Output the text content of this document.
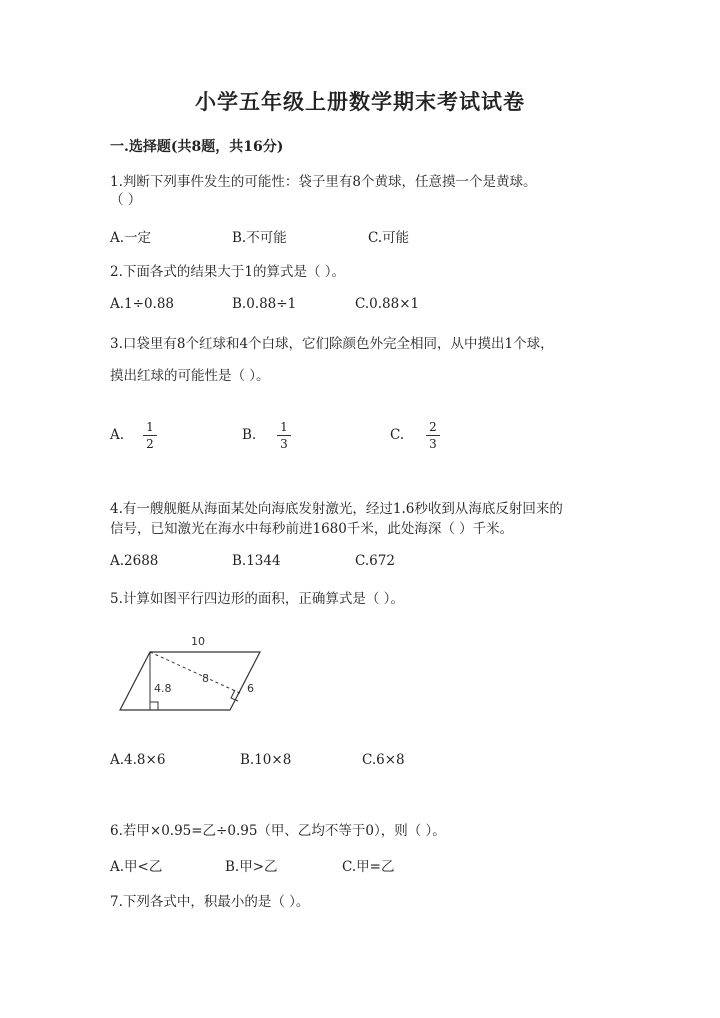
小学五年级上册数学期末考试试卷
一.选择题(共8题，共16分)
1.判断下列事件发生的可能性：袋子里有8个黄球，任意摸一个是黄球。
（ ）
A.一定	B.不可能	C.可能
2.下面各式的结果大于1的算式是（ ）。
A.1÷0.88	B.0.88÷1	C.0.88×1
3.口袋里有8个红球和4个白球，它们除颜色外完全相同，从中摸出1个球，
摸出红球的可能性是（ ）。
A. 1
2
B. 1
3
C. 2
3
4.有一艘舰艇从海面某处向海底发射激光，经过1.6秒收到从海底反射回来的
信号，已知激光在海水中每秒前进1680千米，此处海深（ ）千米。
A.2688	B.1344	C.672
5.计算如图平行四边形的面积，正确算式是（ ）。
10
4.8
8
6
A.4.8×6	B.10×8	C.6×8
6.若甲×0.95=乙÷0.95（甲、乙均不等于0），则（ ）。
A.甲<乙	B.甲>乙	C.甲=乙
7.下列各式中，积最小的是（ ）。
